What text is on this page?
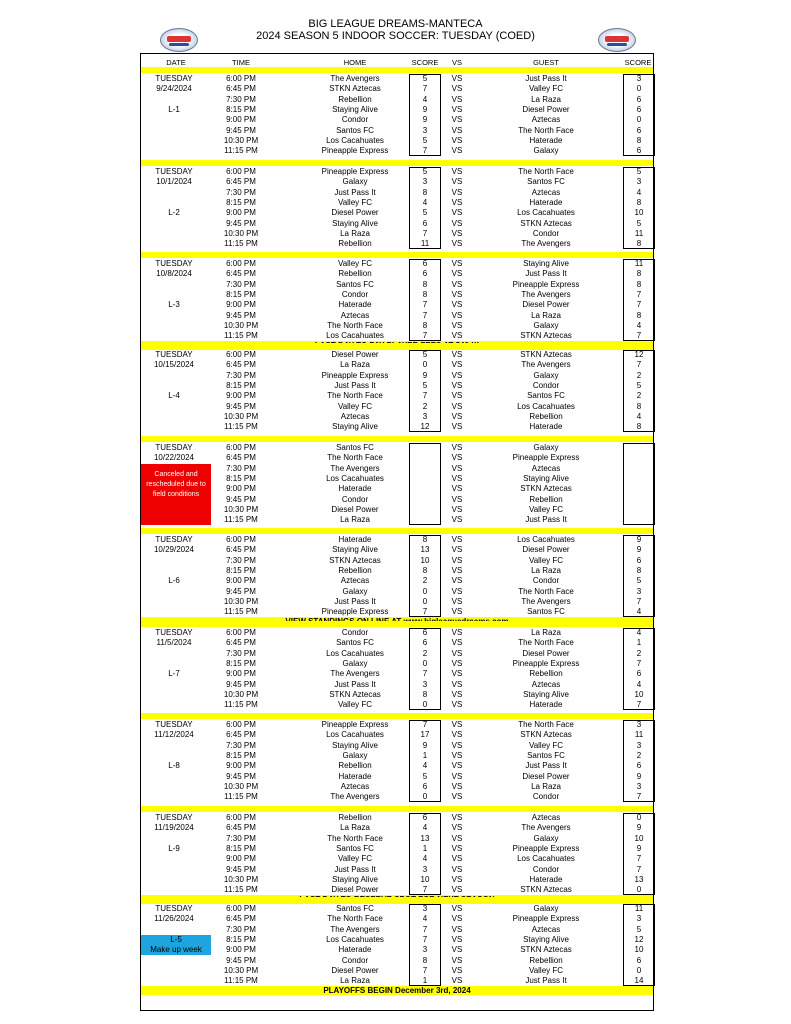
BIG LEAGUE DREAMS-MANTECA
2024 SEASON 5 INDOOR SOCCER: TUESDAY (COED)
DATE	TIME	HOME	SCORE	VS	GUEST	SCORE
TUESDAY
9/24/2024
L-1
6:00 PM	The Avengers	5	VS	Just Pass It	3
6:45 PM	STKN Aztecas	7	VS	Valley FC	0
7:30 PM	Rebellion	4	VS	La Raza	6
8:15 PM	Staying Alive	9	VS	Diesel Power	6
9:00 PM	Condor	9	VS	Aztecas	0
9:45 PM	Santos FC	3	VS	The North Face	6
10:30 PM	Los Cacahuates	5	VS	Haterade	8
11:15 PM	Pineapple Express	7	VS	Galaxy	6
TUESDAY
10/1/2024
L-2
6:00 PM	Pineapple Express	5	VS	The North Face	5
6:45 PM	Galaxy	3	VS	Santos FC	3
7:30 PM	Just Pass It	8	VS	Aztecas	4
8:15 PM	Valley FC	4	VS	Haterade	8
9:00 PM	Diesel Power	5	VS	Los Cacahuates	10
9:45 PM	Staying Alive	6	VS	STKN Aztecas	5
10:30 PM	La Raza	7	VS	Condor	11
11:15 PM	Rebellion	11	VS	The Avengers	8
TUESDAY
10/8/2024
L-3
6:00 PM	Valley FC	6	VS	Staying Alive	11
6:45 PM	Rebellion	6	VS	Just Pass It	8
7:30 PM	Santos FC	8	VS	Pineapple Express	8
8:15 PM	Condor	8	VS	The Avengers	7
9:00 PM	Haterade	7	VS	Diesel Power	7
9:45 PM	Aztecas	7	VS	La Raza	8
10:30 PM	The North Face	8	VS	Galaxy	4
11:15 PM	Los Cacahuates	7	VS	STKN Aztecas	7
TUESDAY
10/15/2024
L-4
6:00 PM	Diesel Power	5	VS	STKN Aztecas	12
6:45 PM	La Raza	0	VS	The Avengers	7
7:30 PM	Pineapple Express	9	VS	Galaxy	2
8:15 PM	Just Pass It	5	VS	Condor	5
9:00 PM	The North Face	7	VS	Santos FC	2
9:45 PM	Valley FC	2	VS	Los Cacahuates	8
10:30 PM	Aztecas	3	VS	Rebellion	4
11:15 PM	Staying Alive	12	VS	Haterade	8
TUESDAY
10/22/2024
Canceled and rescheduled due to field conditions
6:00 PM	Santos FC	VS	Galaxy
6:45 PM	The North Face	VS	Pineapple Express
7:30 PM	The Avengers	VS	Aztecas
8:15 PM	Los Cacahuates	VS	Staying Alive
9:00 PM	Haterade	VS	STKN Aztecas
9:45 PM	Condor	VS	Rebellion
10:30 PM	Diesel Power	VS	Valley FC
11:15 PM	La Raza	VS	Just Pass It
TUESDAY
10/29/2024
L-6
6:00 PM	Haterade	8	VS	Los Cacahuates	9
6:45 PM	Staying Alive	13	VS	Diesel Power	9
7:30 PM	STKN Aztecas	10	VS	Valley FC	6
8:15 PM	Rebellion	8	VS	La Raza	8
9:00 PM	Aztecas	2	VS	Condor	5
9:45 PM	Galaxy	0	VS	The North Face	3
10:30 PM	Just Pass It	0	VS	The Avengers	7
11:15 PM	Pineapple Express	7	VS	Santos FC	4
TUESDAY
11/5/2024
L-7
6:00 PM	Condor	6	VS	La Raza	4
6:45 PM	Santos FC	6	VS	The North Face	1
7:30 PM	Los Cacahuates	2	VS	Diesel Power	2
8:15 PM	Galaxy	0	VS	Pineapple Express	7
9:00 PM	The Avengers	7	VS	Rebellion	6
9:45 PM	Just Pass It	3	VS	Aztecas	4
10:30 PM	STKN Aztecas	8	VS	Staying Alive	10
11:15 PM	Valley FC	0	VS	Haterade	7
TUESDAY
11/12/2024
L-8
6:00 PM	Pineapple Express	7	VS	The North Face	3
6:45 PM	Los Cacahuates	17	VS	STKN Aztecas	11
7:30 PM	Staying Alive	9	VS	Valley FC	3
8:15 PM	Galaxy	1	VS	Santos FC	2
9:00 PM	Rebellion	4	VS	Just Pass It	6
9:45 PM	Haterade	5	VS	Diesel Power	9
10:30 PM	Aztecas	6	VS	La Raza	3
11:15 PM	The Avengers	0	VS	Condor	7
TUESDAY
11/19/2024
L-9
6:00 PM	Rebellion	6	VS	Aztecas	0
6:45 PM	La Raza	4	VS	The Avengers	9
7:30 PM	The North Face	13	VS	Galaxy	10
8:15 PM	Santos FC	1	VS	Pineapple Express	9
9:00 PM	Valley FC	4	VS	Los Cacahuates	7
9:45 PM	Just Pass It	3	VS	Condor	7
10:30 PM	Staying Alive	10	VS	Haterade	13
11:15 PM	Diesel Power	7	VS	STKN Aztecas	0
TUESDAY
11/26/2024
L-5
Make up week
6:00 PM	Santos FC	3	VS	Galaxy	11
6:45 PM	The North Face	4	VS	Pineapple Express	3
7:30 PM	The Avengers	7	VS	Aztecas	5
8:15 PM	Los Cacahuates	7	VS	Staying Alive	12
9:00 PM	Haterade	3	VS	STKN Aztecas	10
9:45 PM	Condor	8	VS	Rebellion	6
10:30 PM	Diesel Power	7	VS	Valley FC	0
11:15 PM	La Raza	1	VS	Just Pass It	14
PLAYOFFS BEGIN December 3rd, 2024
